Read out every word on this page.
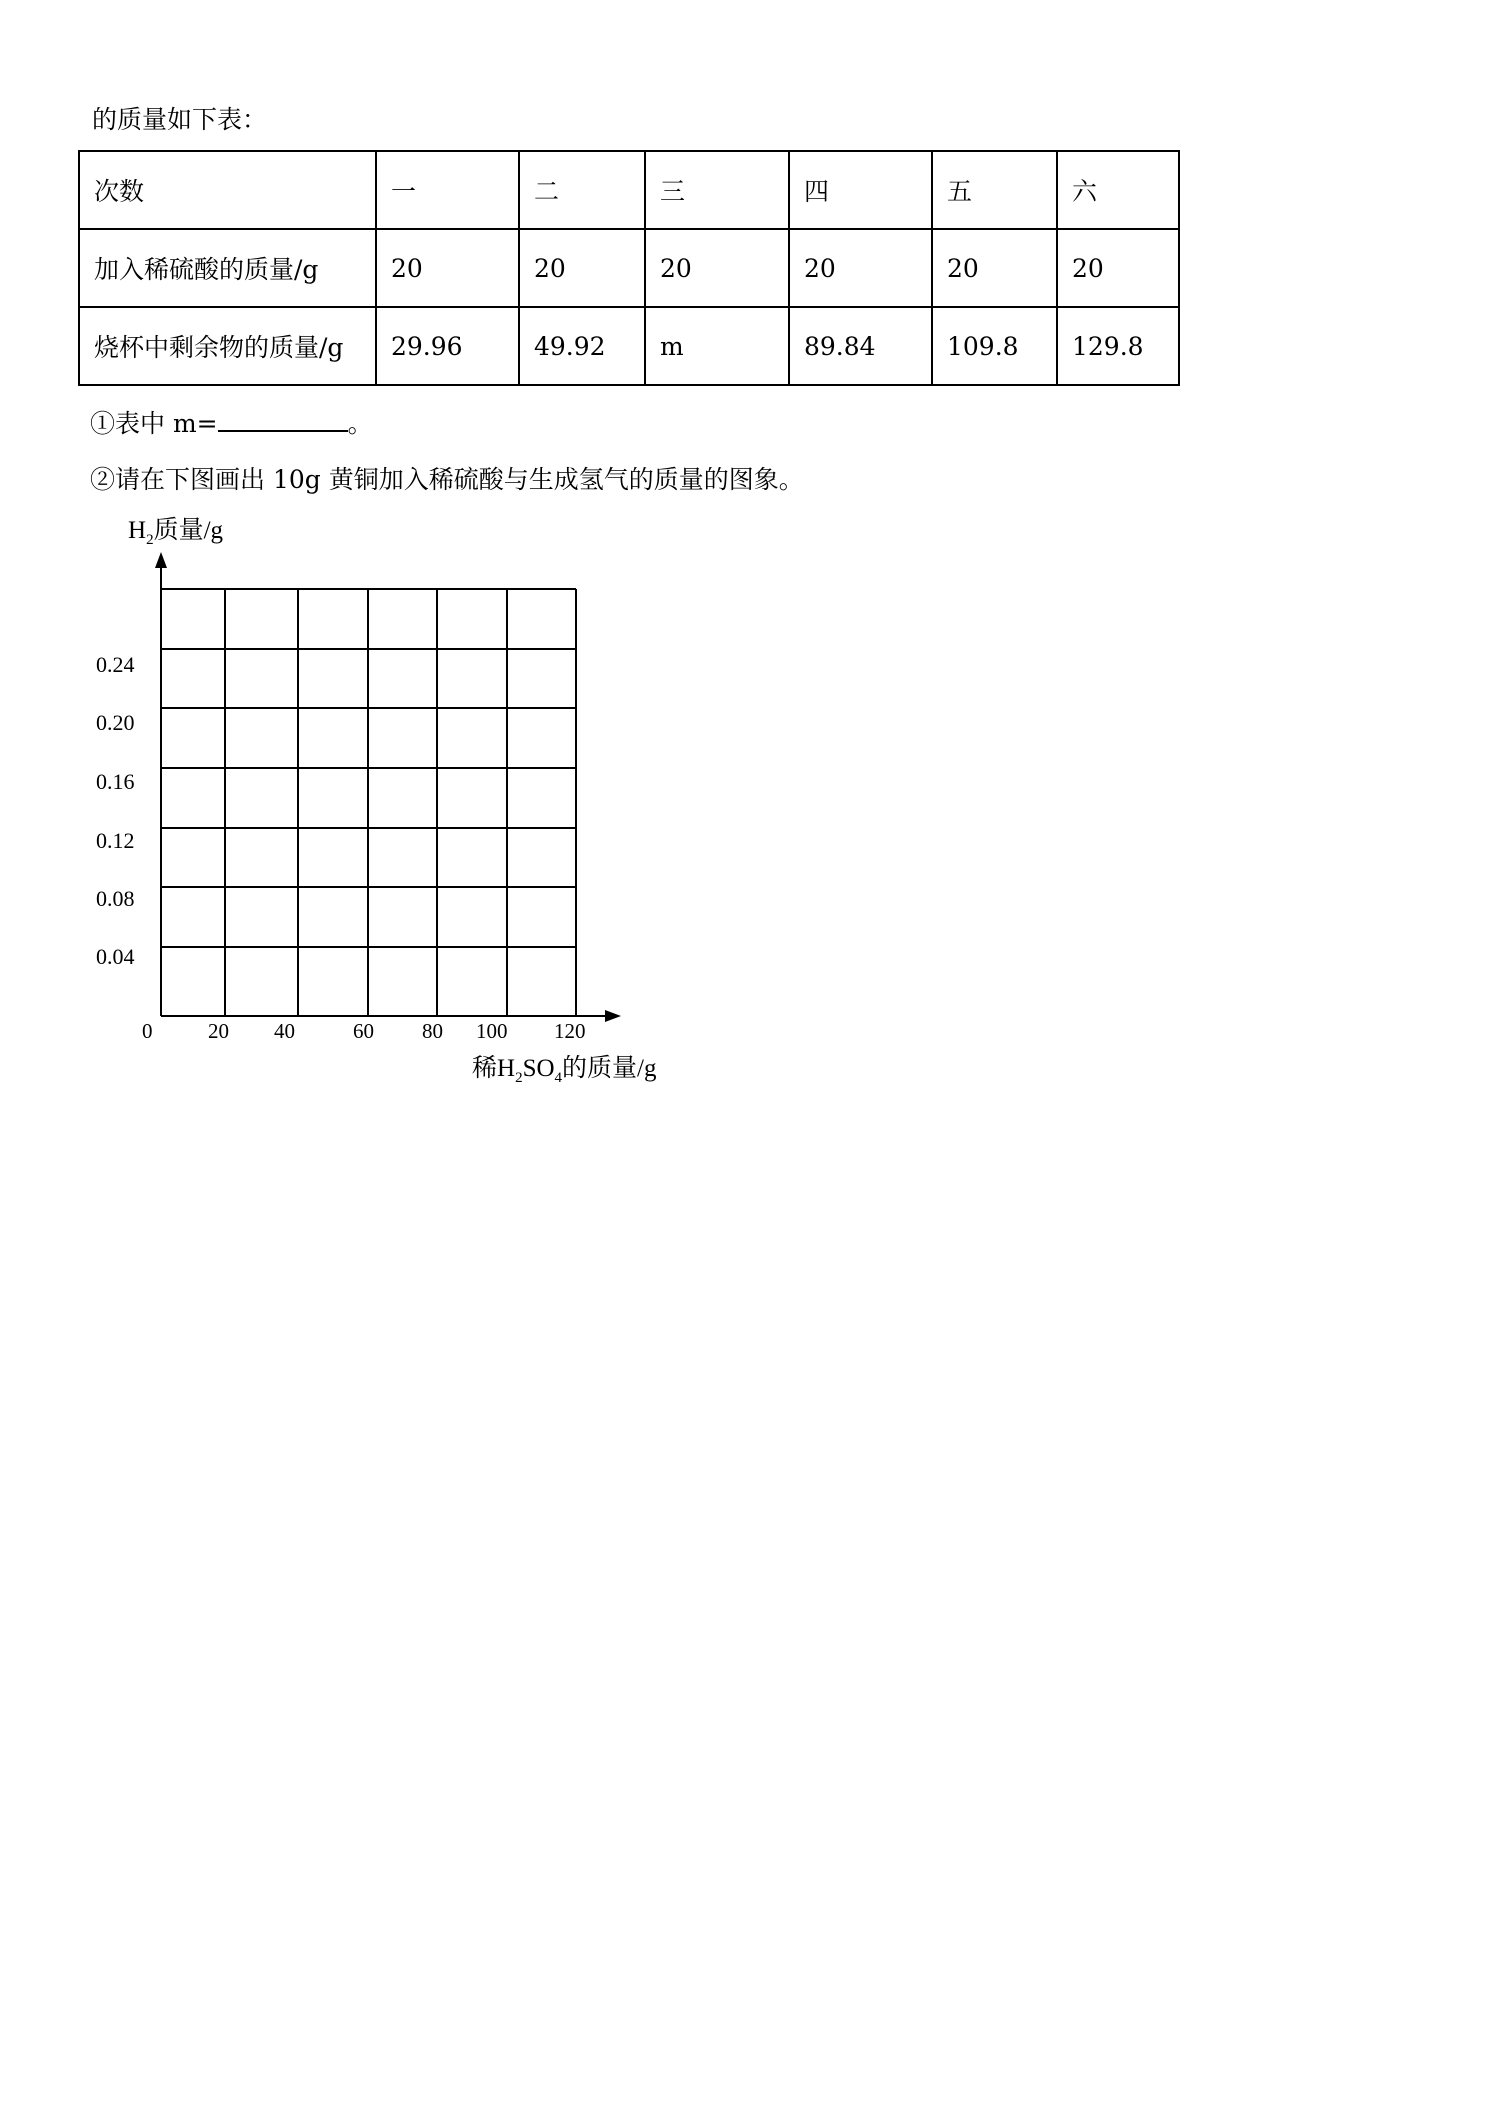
的质量如下表：
次数	一	二	三	四	五	六
加入稀硫酸的质量/g	20	20	20	20	20	20
烧杯中剩余物的质量/g	29.96	49.92	m	89.84	109.8	129.8
①表中 m=	。
②请在下图画出 10g 黄铜加入稀硫酸与生成氢气的质量的图象。
$H_2$质量/g
0.24
0.20
0.16
0.12
0.08
0.04
0	20 40	60 80 100 120
稀$H_2SO_4$的质量/g
